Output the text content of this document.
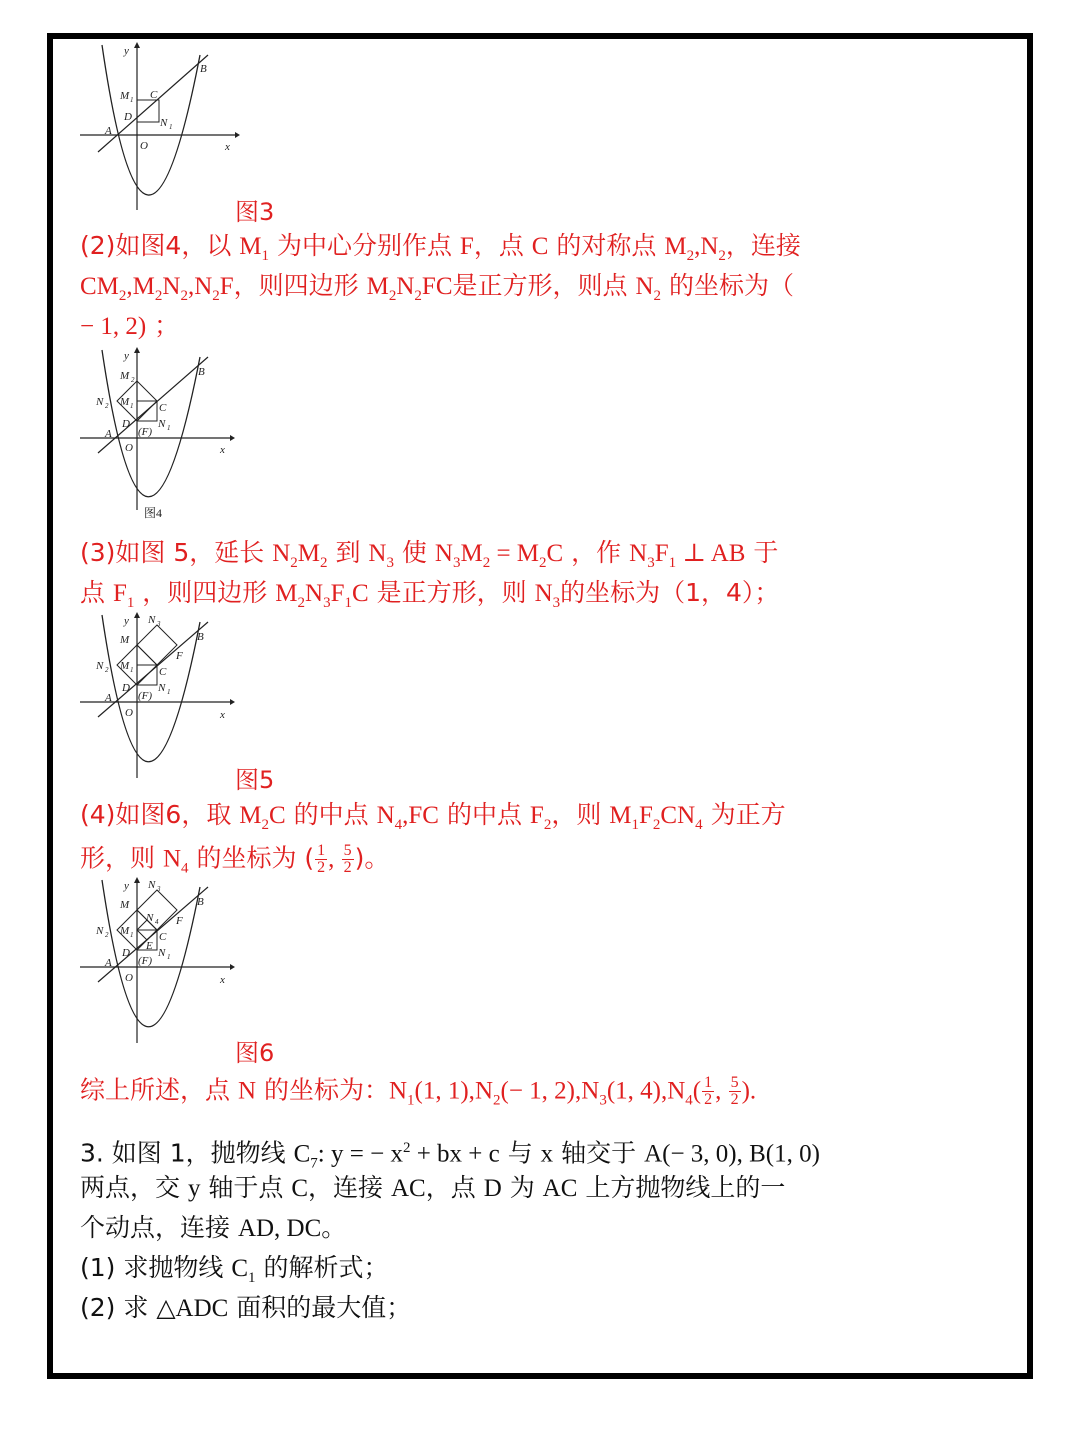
y
x
O
A
B
C
D
M 1
N 1
图3
(2)如图4，以 $M_1$ 为中心分别作点 F，点 C 的对称点 $M_2,N_2$，连接
$CM_2,M_2N_2,N_2F$，则四边形 $M_2N_2FC$是正方形，则点 $N_2$ 的坐标为（
− 1, 2) ；
y
x
O
A
B
C
D
(F)
M 2
M 1
N 2
N 1
图4
(3)如图 5，延长 $N_2M_2$ 到 $N_3$ 使 $N_3M_2 = M_2C$ ，作 $N_3F_1$ ⊥ AB 于
点 $F_1$ ，则四边形 $M_2N_3F_1C$ 是正方形，则 $N_3$的坐标为（1，4）；
y
x
O
A
B
C
D
(F)
F
M
M 1
N 2
N 1
N 3
图5
(4)如图6，取 $M_2C$ 的中点 $N_4,FC$ 的中点 $F_2$，则 $M_1F_2CN_4$ 为正方
形，则 $N_4$ 的坐标为 ( $\frac{1}{2}$ , $\frac{5}{2}$ )。
y
x
O
A
B
C
D
(F)
F
E
M
M 1
N 2
N 1
N 3
N 4
图6
综上所述，点 N 的坐标为：$N_1(1$, $1),N_2(- 1$, $2),N_3(1$, $4),N_4( \frac{1}{2}$ , $\frac{5}{2}$ ).
3. 如图 1，抛物线 $C_7$: y = − $x^2$ + bx + c 与 x 轴交于 A(− 3, 0), B(1, 0)
两点，交 y 轴于点 C，连接 AC，点 D 为 AC 上方抛物线上的一
个动点，连接 AD, DC。
(1) 求抛物线 $C_1$ 的解析式；
(2) 求 △ADC 面积的最大值；
